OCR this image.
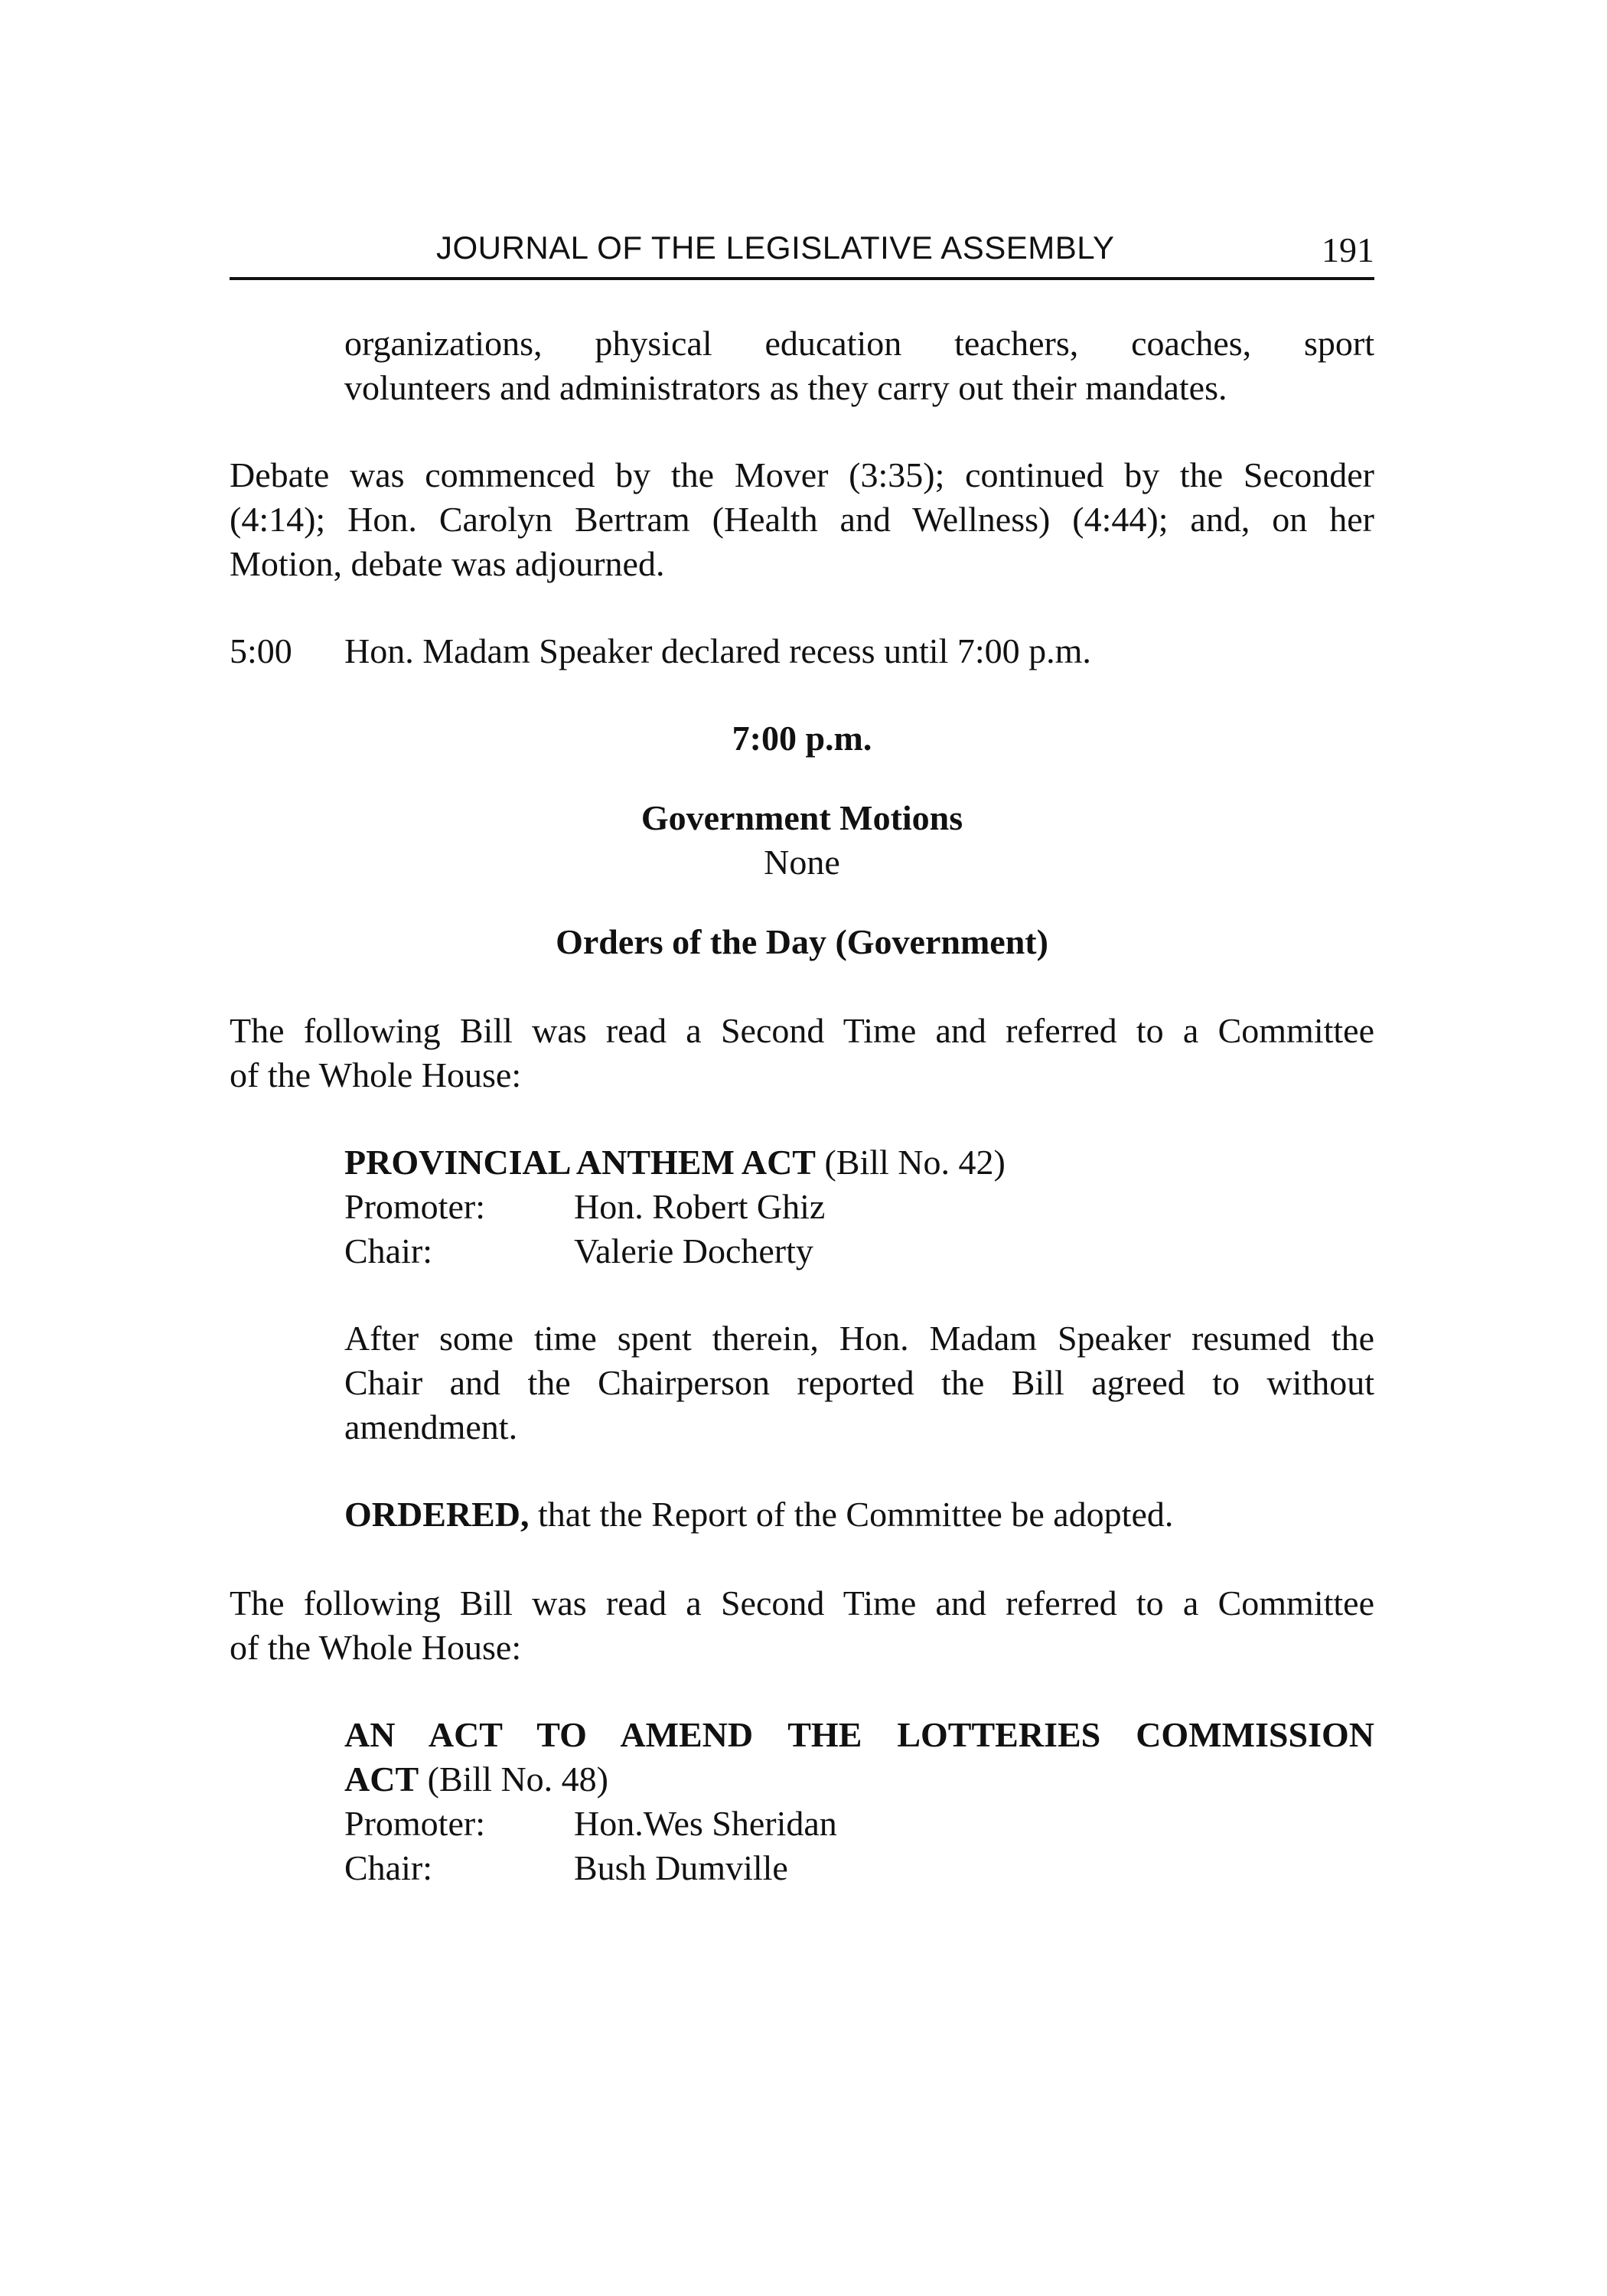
JOURNAL OF THE LEGISLATIVE ASSEMBLY	191
organizations, physical education teachers, coaches, sport
volunteers and administrators as they carry out their mandates.
Debate was commenced by the Mover (3:35); continued by the Seconder
(4:14); Hon. Carolyn Bertram (Health and Wellness) (4:44); and, on her
Motion, debate was adjourned.
5:00 Hon. Madam Speaker declared recess until 7:00 p.m.
7:00 p.m.
Government Motions
None
Orders of the Day (Government)
The following Bill was read a Second Time and referred to a Committee
of the Whole House:
PROVINCIAL ANTHEM ACT (Bill No. 42)
Promoter:	Hon. Robert Ghiz
Chair:	Valerie Docherty
After some time spent therein, Hon. Madam Speaker resumed the
Chair and the Chairperson reported the Bill agreed to without
amendment.
ORDERED, that the Report of the Committee be adopted.
The following Bill was read a Second Time and referred to a Committee
of the Whole House:
AN ACT TO AMEND THE LOTTERIES COMMISSION
ACT (Bill No. 48)
Promoter:	Hon.Wes Sheridan
Chair:	Bush Dumville
